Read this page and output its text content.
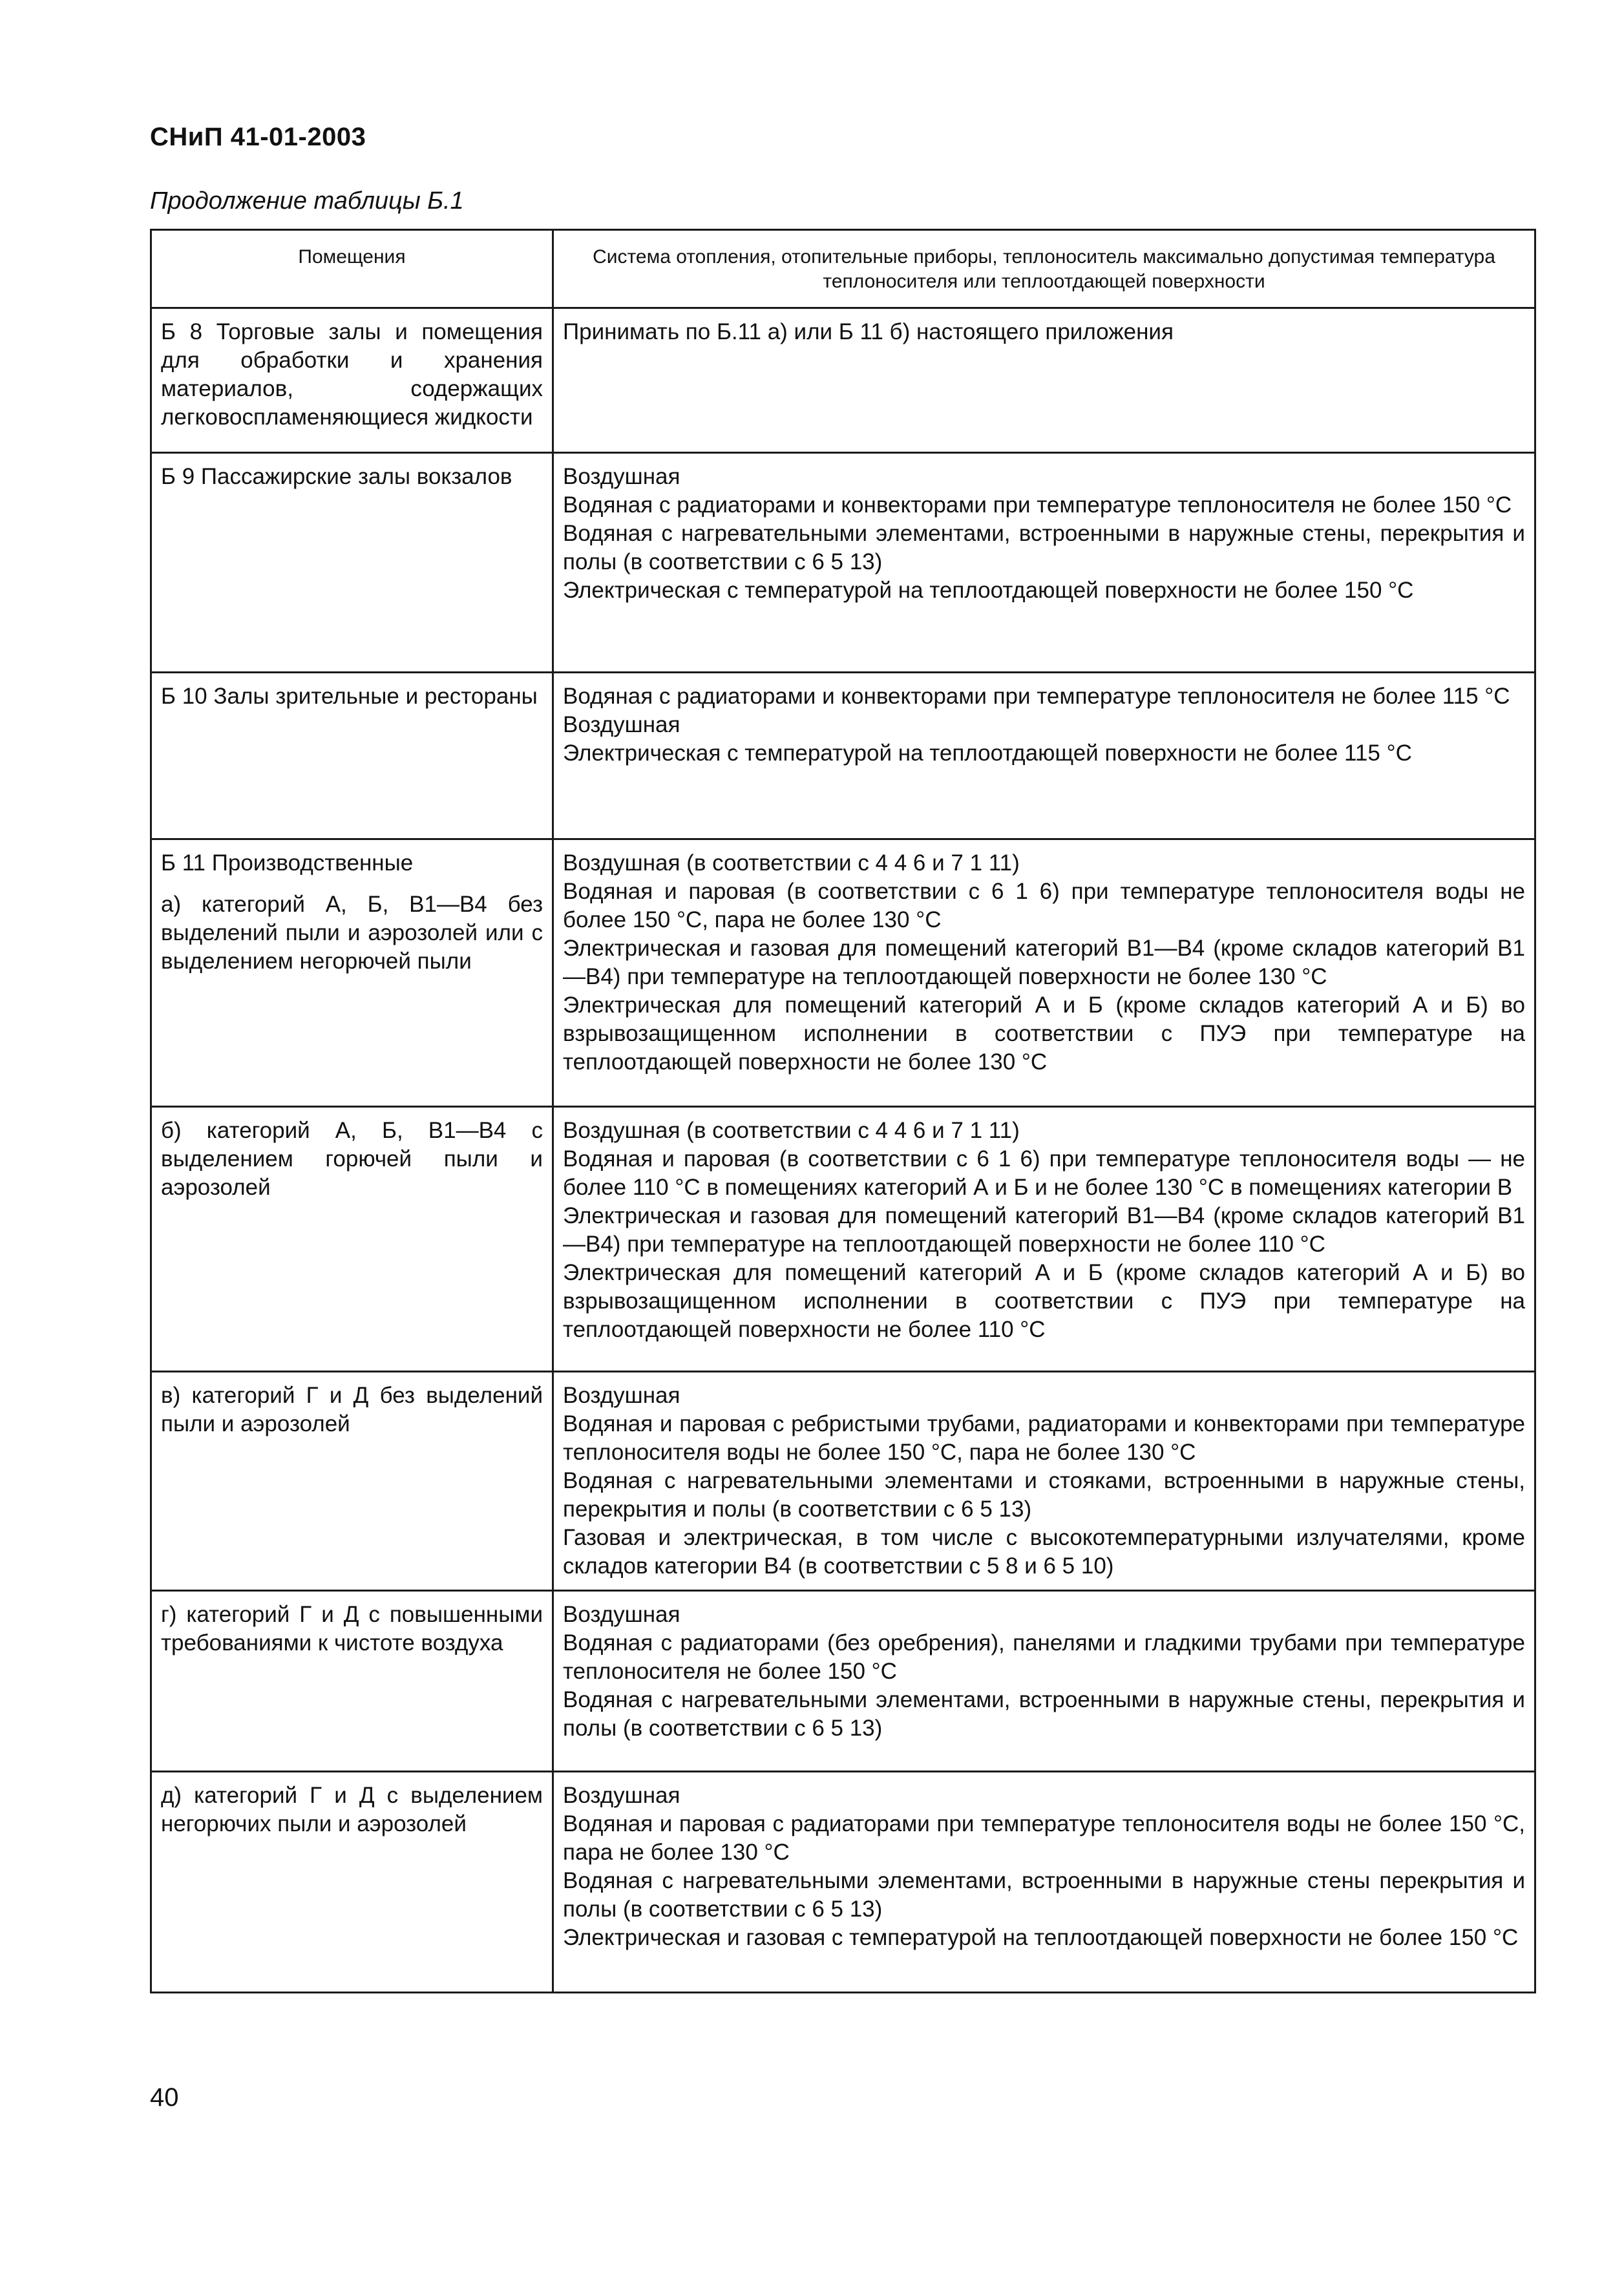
СНиП 41-01-2003
Продолжение таблицы Б.1
Помещения	Система отопления, отопительные приборы, теплоноситель максимально допустимая температура теплоносителя или теплоотдающей поверхности

Б 8 Торговые залы и помещения для обработки и хранения материалов, содержащих легковоспламеняющиеся жидкости	Принимать по Б.11 а) или Б 11 б) настоящего приложения

Б 9 Пассажирские залы вокзалов	Воздушная
Водяная с радиаторами и конвекторами при температуре теплоносителя не более 150 °С
Водяная с нагревательными элементами, встроенными в наружные стены, перекрытия и полы (в соответствии с 6 5 13)
Электрическая с температурой на теплоотдающей поверхности не более 150 °С

Б 10 Залы зрительные и рестораны	Водяная с радиаторами и конвекторами при температуре теплоносителя не более 115 °С
Воздушная
Электрическая с температурой на теплоотдающей поверхности не более 115 °С

Б 11 Производственные
а) категорий А, Б, В1—В4 без выделений пыли и аэрозолей или с выделением негорючей пыли	Воздушная (в соответствии с 4 4 6 и 7 1 11)
Водяная и паровая (в соответствии с 6 1 6) при температуре теплоносителя воды не более 150 °С, пара не более 130 °С
Электрическая и газовая для помещений категорий В1—В4 (кроме складов категорий В1—В4) при температуре на теплоотдающей поверхности не более 130 °С
Электрическая для помещений категорий А и Б (кроме складов категорий А и Б) во взрывозащищенном исполнении в соответствии с ПУЭ при температуре на теплоотдающей поверхности не более 130 °С

б) категорий А, Б, В1—В4 с выделением горючей пыли и аэрозолей	Воздушная (в соответствии с 4 4 6 и 7 1 11)
Водяная и паровая (в соответствии с 6 1 6) при температуре теплоносителя воды — не более 110 °С в помещениях категорий А и Б и не более 130 °С в помещениях категории В
Электрическая и газовая для помещений категорий В1—В4 (кроме складов категорий В1—В4) при температуре на теплоотдающей поверхности не более 110 °С
Электрическая для помещений категорий А и Б (кроме складов категорий А и Б) во взрывозащищенном исполнении в соответствии с ПУЭ при температуре на теплоотдающей поверхности не более 110 °С

в) категорий Г и Д без выделений пыли и аэрозолей	Воздушная
Водяная и паровая с ребристыми трубами, радиаторами и конвекторами при температуре теплоносителя воды не более 150 °С, пара не более 130 °С
Водяная с нагревательными элементами и стояками, встроенными в наружные стены, перекрытия и полы (в соответствии с 6 5 13)
Газовая и электрическая, в том числе с высокотемпературными излучателями, кроме складов категории В4 (в соответствии с 5 8 и 6 5 10)

г) категорий Г и Д с повышенными требованиями к чистоте воздуха	Воздушная
Водяная с радиаторами (без оребрения), панелями и гладкими трубами при температуре теплоносителя не более 150 °С
Водяная с нагревательными элементами, встроенными в наружные стены, перекрытия и полы (в соответствии с 6 5 13)

д) категорий Г и Д с выделением негорючих пыли и аэрозолей	Воздушная
Водяная и паровая с радиаторами при температуре теплоносителя воды не более 150 °С, пара не более 130 °С
Водяная с нагревательными элементами, встроенными в наружные стены перекрытия и полы (в соответствии с 6 5 13)
Электрическая и газовая с температурой на теплоотдающей поверхности не более 150 °С
40
